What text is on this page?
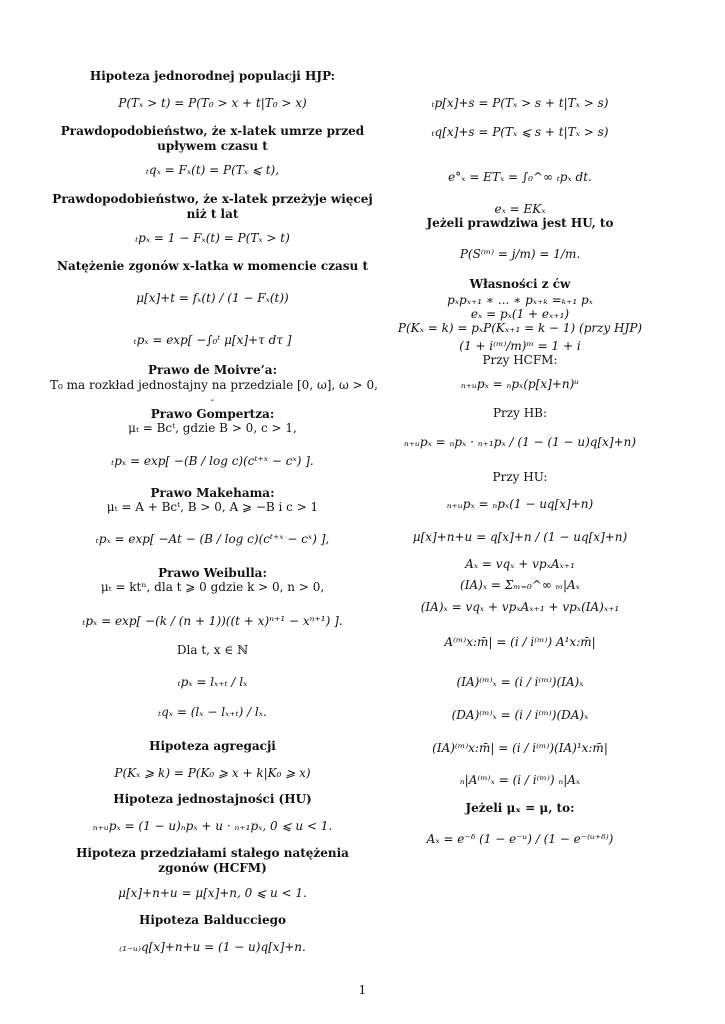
Hipoteza jednorodnej populacji HJP:
P(Tₓ > t) = P(T₀ > x + t|T₀ > x)
Prawdopodobieństwo, że x-latek umrze przed upływem czasu t
ₜqₓ = Fₓ(t) = P(Tₓ ⩽ t),
Prawdopodobieństwo, że x-latek przeżyje więcej niż t lat
ₜpₓ = 1 − Fₓ(t) = P(Tₓ > t)
Natężenie zgonów x-latka w momencie czasu t
μ[x]+t = fₓ(t) / (1 − Fₓ(t))
ₜpₓ = exp[ −∫₀ᵗ μ[x]+τ dτ ]
Prawo de Moivre’a:
T₀ ma rozkład jednostajny na przedziale [0, ω], ω > 0,
-
Prawo Gompertza:
μₜ = Bcᵗ, gdzie B > 0, c > 1,
ₜpₓ = exp[ −(B / log c)(cᵗ⁺ˣ − cˣ) ].
Prawo Makehama:
μₜ = A + Bcᵗ, B > 0, A ⩾ −B i c > 1
ₜpₓ = exp[ −At − (B / log c)(cᵗ⁺ˣ − cˣ) ],
Prawo Weibulla:
μₜ = ktⁿ, dla t ⩾ 0 gdzie k > 0, n > 0,
ₜpₓ = exp[ −(k / (n + 1))((t + x)ⁿ⁺¹ − xⁿ⁺¹) ].
Dla t, x ∈ ℕ
ₜpₓ = lₓ₊ₜ / lₓ
ₜqₓ = (lₓ − lₓ₊ₜ) / lₓ.
Hipoteza agregacji
P(Kₓ ⩾ k) = P(K₀ ⩾ x + k|K₀ ⩾ x)
Hipoteza jednostajności (HU)
ₙ₊ᵤpₓ = (1 − u)ₙpₓ + u · ₙ₊₁pₓ, 0 ⩽ u < 1.
Hipoteza przedziałami stałego natężenia zgonów (HCFM)
μ[x]+n+u = μ[x]+n, 0 ⩽ u < 1.
Hipoteza Balducciego
₍₁₋ᵤ₎q[x]+n+u = (1 − u)q[x]+n.
ₜp[x]+s = P(Tₓ > s + t|Tₓ > s)
ₜq[x]+s = P(Tₓ ⩽ s + t|Tₓ > s)
e°ₓ = ETₓ = ∫₀^∞ ₜpₓ dt.
eₓ = EKₓ
Jeżeli prawdziwa jest HU, to
P(S⁽ᵐ⁾ = j/m) = 1/m.
Własności z ćw
pₓpₓ₊₁ ∗ ... ∗ pₓ₊ₖ =ₖ₊₁ pₓ
eₓ = pₓ(1 + eₓ₊₁)
P(Kₓ = k) = pₓP(Kₓ₊₁ = k − 1) (przy HJP)
(1 + i⁽ᵐ⁾/m)ᵐ = 1 + i
Przy HCFM:
ₙ₊ᵤpₓ = ₙpₓ(p[x]+n)ᵘ
Przy HB:
ₙ₊ᵤpₓ = ₙpₓ · ₙ₊₁pₓ / (1 − (1 − u)q[x]+n)
Przy HU:
ₙ₊ᵤpₓ = ₙpₓ(1 − uq[x]+n)
μ[x]+n+u = q[x]+n / (1 − uq[x]+n)
Aₓ = vqₓ + vpₓAₓ₊₁
(IA)ₓ = Σₘ₌₀^∞ ₘ|Aₓ
(IA)ₓ = vqₓ + vpₓAₓ₊₁ + vpₓ(IA)ₓ₊₁
A⁽ᵐ⁾x:m̄| = (i / i⁽ᵐ⁾) A¹x:m̄|
(IA)⁽ᵐ⁾ₓ = (i / i⁽ᵐ⁾)(IA)ₓ
(DA)⁽ᵐ⁾ₓ = (i / i⁽ᵐ⁾)(DA)ₓ
(IA)⁽ᵐ⁾x:m̄| = (i / i⁽ᵐ⁾)(IA)¹x:m̄|
ₙ|A⁽ᵐ⁾ₓ = (i / i⁽ᵐ⁾) ₙ|Aₓ
Jeżeli μₓ = μ, to:
Aₓ = e⁻ᵟ (1 − e⁻ᵘ) / (1 − e⁻⁽ᵘ⁺ᵟ⁾)
1
